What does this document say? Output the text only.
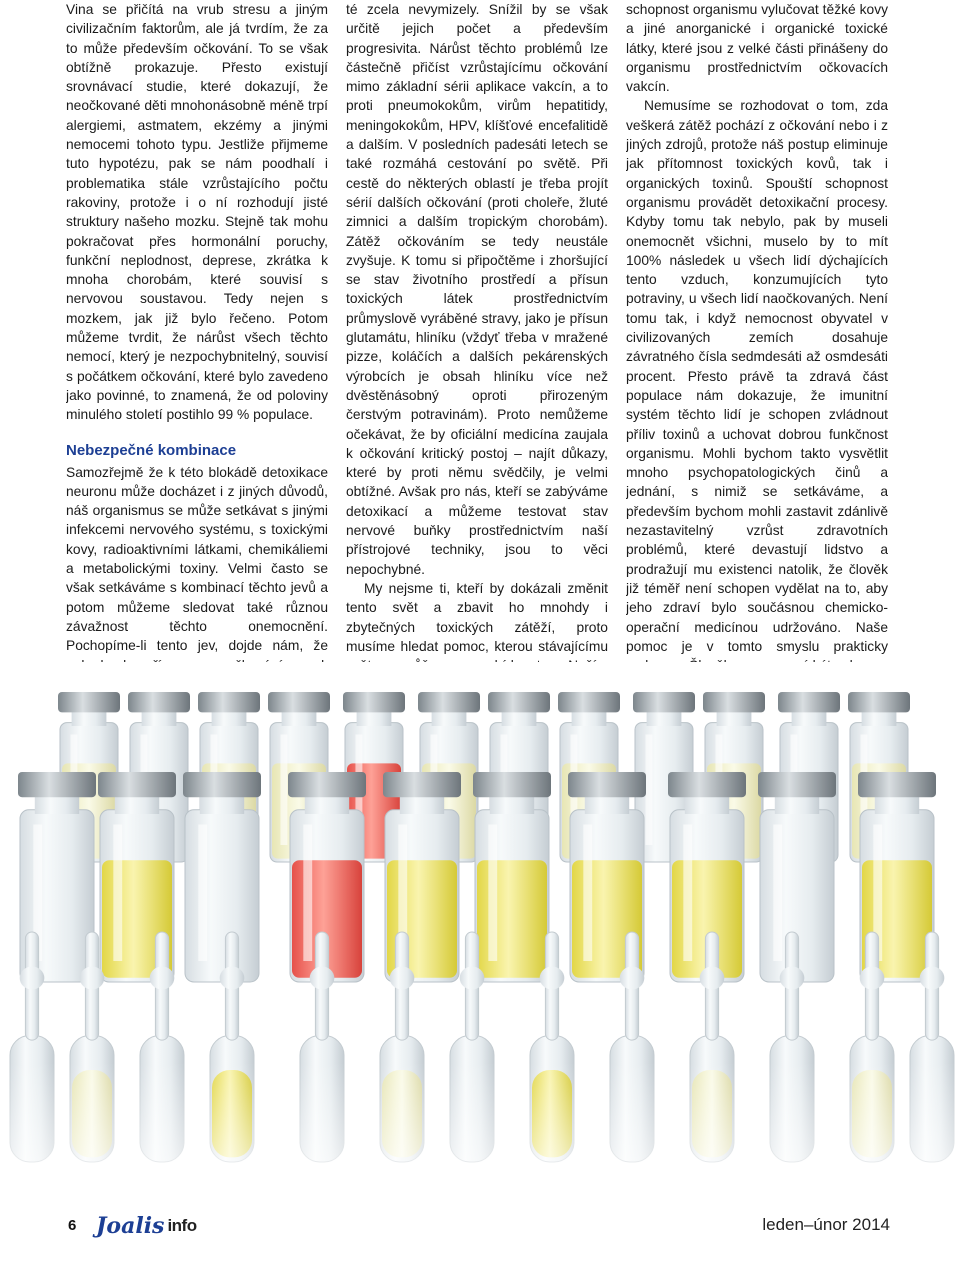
Vina se přičítá na vrub stresu a jiným civilizačním faktorům, ale já tvrdím, že za to může především očkování. To se však obtížně prokazuje. Přesto existují srovnávací studie, které dokazují, že neočkované děti mnohonásobně méně trpí alergiemi, astmatem, ekzémy a jinými nemocemi tohoto typu. Jestliže přijmeme tuto hypotézu, pak se nám poodhalí i problematika stále vzrůstajícího počtu rakoviny, protože i o ní rozhodují jisté struktury našeho mozku. Stejně tak mohu pokračovat přes hormonální poruchy, funkční neplodnost, deprese, zkrátka k mnoha chorobám, které souvisí s nervovou soustavou. Tedy nejen s mozkem, jak již bylo řečeno. Potom můžeme tvrdit, že nárůst všech těchto nemocí, který je nezpochybnitelný, souvisí s počátkem očkování, které bylo zavedeno jako povinné, to znamená, že od poloviny minulého století postihlo 99 % populace.

Nebezpečné kombinace

Samozřejmě že k této blokádě detoxikace neuronu může docházet i z jiných důvodů, náš organismus se může setkávat s jinými infekcemi nervového systému, s toxickými kovy, radioaktivními látkami, chemikáliemi a metabolickými toxiny. Velmi často se však setkáváme s kombinací těchto jevů a potom můžeme sledovat také různou závažnost těchto onemocnění. Pochopíme-li tento jev, dojde nám, že

té zcela nevymizely. Snížil by se však určitě jejich počet a především progresivita. Nárůst těchto problémů lze částečně přičíst vzrůstajícímu očkování mimo základní sérii aplikace vakcín, a to proti pneumokokům, virům hepatitidy, meningokokům, HPV, klíšťové encefalitidě a dalším. V posledních padesáti letech se také rozmáhá cestování po světě. Při cestě do některých oblastí je třeba projít sérií dalších očkování (proti choleře, žluté zimnici a dalším tropickým chorobám). Zátěž očkováním se tedy neustále zvyšuje. K tomu si připočtěme i zhoršující se stav životního prostředí a přísun toxických látek prostřednictvím průmyslově vyráběné stravy, jako je přísun glutamátu, hliníku (vždyť třeba v mražené pizze, koláčích a dalších pekárenských výrobcích je obsah hliníku více než dvěstěnásobný oproti přirozeným čerstvým potravinám). Proto nemůžeme očekávat, že by oficiální medicína zaujala k očkování kritický postoj – najít důkazy, které by proti němu svědčily, je velmi obtížné. Avšak pro nás, kteří se zabýváme detoxikací a můžeme testovat stav nervové buňky prostřednictvím naší přístrojové techniky, jsou to věci nepochybné.

My nejsme ti, kteří by dokázali změnit tento svět a zbavit ho mnohdy i zbytečných toxických zátěží, proto musíme hledat pomoc, kterou stávajícímu

schopnost organismu vylučovat těžké kovy a jiné anorganické i organické toxické látky, které jsou z velké části přinášeny do organismu prostřednictvím očkovacích vakcín.

Nemusíme se rozhodovat o tom, zda veškerá zátěž pochází z očkování nebo i z jiných zdrojů, protože náš postup eliminuje jak přítomnost toxických kovů, tak i organických toxinů. Spouští schopnost organismu provádět detoxikační procesy. Kdyby tomu tak nebylo, pak by museli onemocnět všichni, muselo by to mít 100% následek u všech lidí dýchajících tento vzduch, konzumujících tyto potraviny, u všech lidí naočkovaných. Není tomu tak, i když nemocnost obyvatel v civilizovaných zemích dosahuje závratného čísla sedmdesáti až osmdesáti procent. Přesto právě ta zdravá část populace nám dokazuje, že imunitní systém těchto lidí je schopen zvládnout příliv toxinů a uchovat dobrou funkčnost organismu. Mohli bychom takto vysvětlit mnoho psychopatologických činů a jednání, s nimiž se setkáváme, a především bychom mohli zastavit zdánlivě nezastavitelný vzrůst zdravotních problémů, které devastují lidstvo a prodražují mu existenci natolik, že člověk již téměř není schopen vydělat na to, aby jeho zdraví bylo součásnou chemicko-operační medicínou udržováno. Naše pomoc je v tomto smyslu prakticky

6 Joalis info	leden–únor 2014
